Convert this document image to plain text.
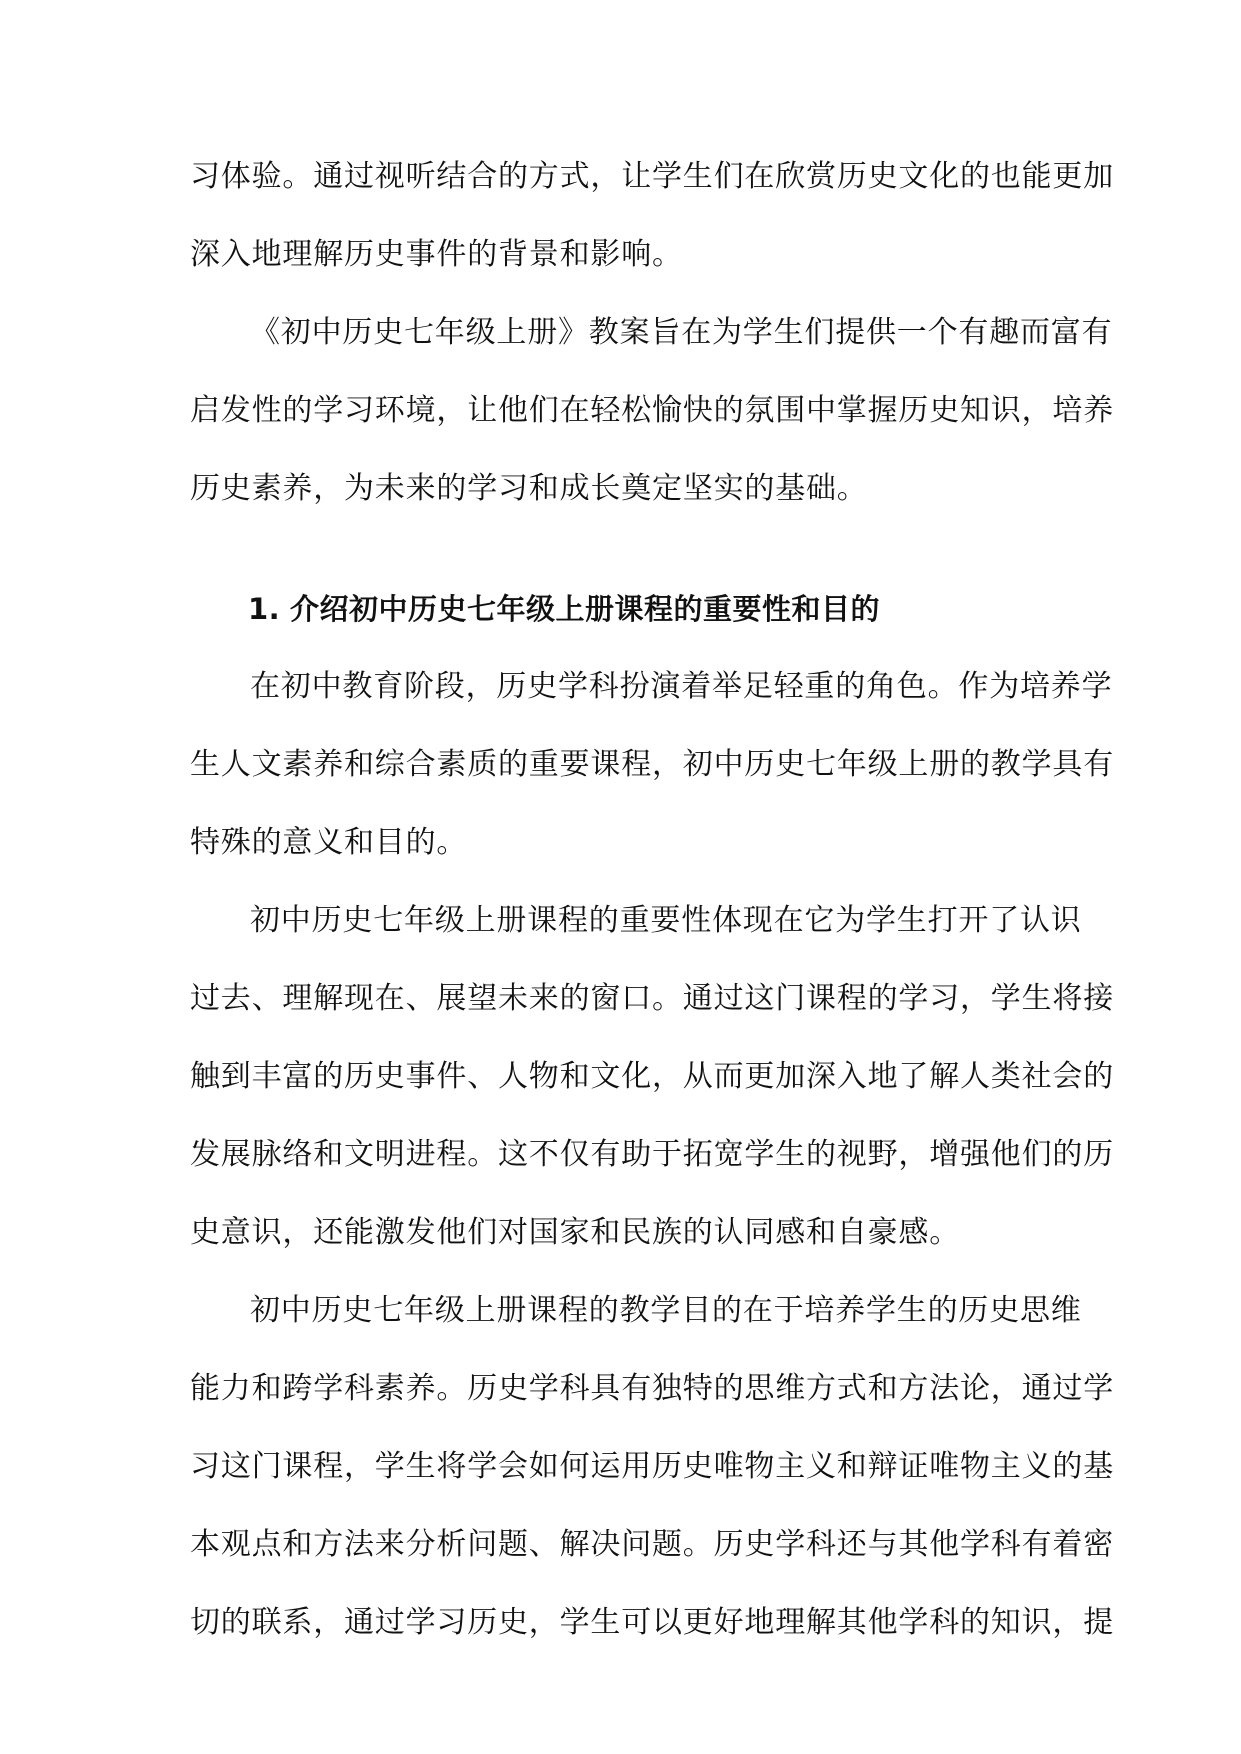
习体验。通过视听结合的方式，让学生们在欣赏历史文化的也能更加
深入地理解历史事件的背景和影响。
《初中历史七年级上册》教案旨在为学生们提供一个有趣而富有
启发性的学习环境，让他们在轻松愉快的氛围中掌握历史知识，培养
历史素养，为未来的学习和成长奠定坚实的基础。
1. 介绍初中历史七年级上册课程的重要性和目的
在初中教育阶段，历史学科扮演着举足轻重的角色。作为培养学
生人文素养和综合素质的重要课程，初中历史七年级上册的教学具有
特殊的意义和目的。
初中历史七年级上册课程的重要性体现在它为学生打开了认识
过去、理解现在、展望未来的窗口。通过这门课程的学习，学生将接
触到丰富的历史事件、人物和文化，从而更加深入地了解人类社会的
发展脉络和文明进程。这不仅有助于拓宽学生的视野，增强他们的历
史意识，还能激发他们对国家和民族的认同感和自豪感。
初中历史七年级上册课程的教学目的在于培养学生的历史思维
能力和跨学科素养。历史学科具有独特的思维方式和方法论，通过学
习这门课程，学生将学会如何运用历史唯物主义和辩证唯物主义的基
本观点和方法来分析问题、解决问题。历史学科还与其他学科有着密
切的联系，通过学习历史，学生可以更好地理解其他学科的知识，提
